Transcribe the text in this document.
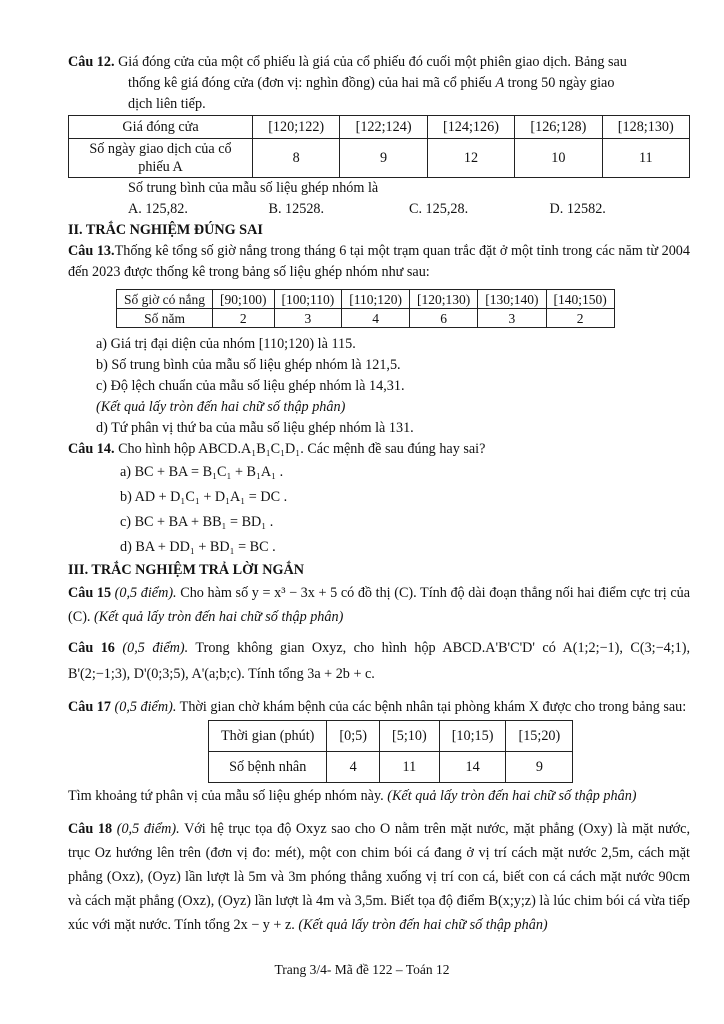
Câu 12. Giá đóng cửa của một cổ phiếu là giá của cổ phiếu đó cuối một phiên giao dịch. Bảng sau

thống kê giá đóng cửa (đơn vị: nghìn đồng) của hai mã cổ phiếu A trong 50 ngày giao

dịch liên tiếp.

Giá đóng cửa	[120;122)	[122;124)	[124;126)	[126;128)	[128;130)
Số ngày giao dịch của cổ phiếu A	8	9	12	10	11

Số trung bình của mẫu số liệu ghép nhóm là

A. 125,82.	B. 12528.	C. 125,28.	D. 12582.

II. TRẮC NGHIỆM ĐÚNG SAI

Câu 13.Thống kê tổng số giờ nắng trong tháng 6 tại một trạm quan trắc đặt ở một tỉnh trong các năm từ 2004 đến 2023 được thống kê trong bảng số liệu ghép nhóm như sau:

Số giờ có nắng	[90;100)	[100;110)	[110;120)	[120;130)	[130;140)	[140;150)
Số năm	2	3	4	6	3	2

a) Giá trị đại diện của nhóm [110;120) là 115.

b) Số trung bình của mẫu số liệu ghép nhóm là 121,5.

c) Độ lệch chuẩn của mẫu số liệu ghép nhóm là 14,31.

(Kết quả lấy tròn đến hai chữ số thập phân)

d) Tứ phân vị thứ ba của mẫu số liệu ghép nhóm là 131.

Câu 14. Cho hình hộp ABCD.A₁B₁C₁D₁. Các mệnh đề sau đúng hay sai?

a) BC + BA = B₁C₁ + B₁A₁ .

b) AD + D₁C₁ + D₁A₁ = DC .

c) BC + BA + BB₁ = BD₁ .

d) BA + DD₁ + BD₁ = BC .

III. TRẮC NGHIỆM TRẢ LỜI NGẮN

Câu 15 (0,5 điểm). Cho hàm số y = x³ − 3x + 5 có đồ thị (C). Tính độ dài đoạn thẳng nối hai điểm cực trị của (C). (Kết quả lấy tròn đến hai chữ số thập phân)

Câu 16 (0,5 điểm). Trong không gian Oxyz, cho hình hộp ABCD.A'B'C'D' có A(1;2;−1), C(3;−4;1), B'(2;−1;3), D'(0;3;5), A'(a;b;c). Tính tổng 3a + 2b + c.

Câu 17 (0,5 điểm). Thời gian chờ khám bệnh của các bệnh nhân tại phòng khám X được cho trong bảng sau:

Thời gian (phút)	[0;5)	[5;10)	[10;15)	[15;20)
Số bệnh nhân	4	11	14	9

Tìm khoảng tứ phân vị của mẫu số liệu ghép nhóm này. (Kết quả lấy tròn đến hai chữ số thập phân)

Câu 18 (0,5 điểm). Với hệ trục tọa độ Oxyz sao cho O nằm trên mặt nước, mặt phẳng (Oxy) là mặt nước, trục Oz hướng lên trên (đơn vị đo: mét), một con chim bói cá đang ở vị trí cách mặt nước 2,5m, cách mặt phẳng (Oxz), (Oyz) lần lượt là 5m và 3m phóng thẳng xuống vị trí con cá, biết con cá cách mặt nước 90cm và cách mặt phẳng (Oxz), (Oyz) lần lượt là 4m và 3,5m. Biết tọa độ điểm B(x;y;z) là lúc chim bói cá vừa tiếp xúc với mặt nước. Tính tổng 2x − y + z. (Kết quả lấy tròn đến hai chữ số thập phân)

Trang 3/4- Mã đề 122 – Toán 12
